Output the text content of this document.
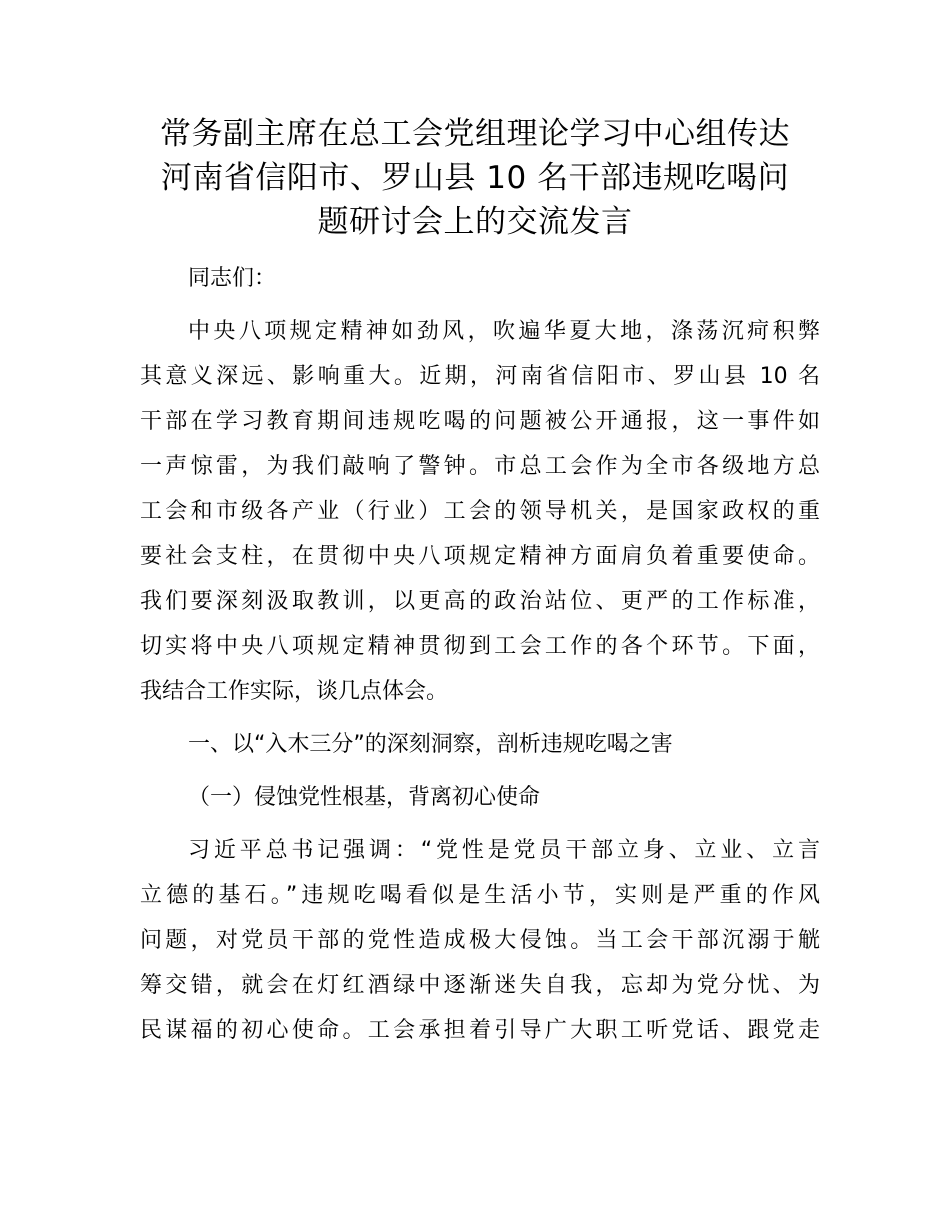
常务副主席在总工会党组理论学习中心组传达
河南省信阳市、罗山县 10 名干部违规吃喝问
题研讨会上的交流发言
同志们：
中央八项规定精神如劲风，吹遍华夏大地，涤荡沉疴积弊
其意义深远、影响重大。近期，河南省信阳市、罗山县 10 名
干部在学习教育期间违规吃喝的问题被公开通报，这一事件如
一声惊雷，为我们敲响了警钟。市总工会作为全市各级地方总
工会和市级各产业（行业）工会的领导机关，是国家政权的重
要社会支柱，在贯彻中央八项规定精神方面肩负着重要使命。
我们要深刻汲取教训，以更高的政治站位、更严的工作标准，
切实将中央八项规定精神贯彻到工会工作的各个环节。下面，
我结合工作实际，谈几点体会。
一、以“入木三分”的深刻洞察，剖析违规吃喝之害
（一）侵蚀党性根基，背离初心使命
习近平总书记强调：“党性是党员干部立身、立业、立言
立德的基石。”违规吃喝看似是生活小节，实则是严重的作风
问题，对党员干部的党性造成极大侵蚀。当工会干部沉溺于觥
筹交错，就会在灯红酒绿中逐渐迷失自我，忘却为党分忧、为
民谋福的初心使命。工会承担着引导广大职工听党话、跟党走
